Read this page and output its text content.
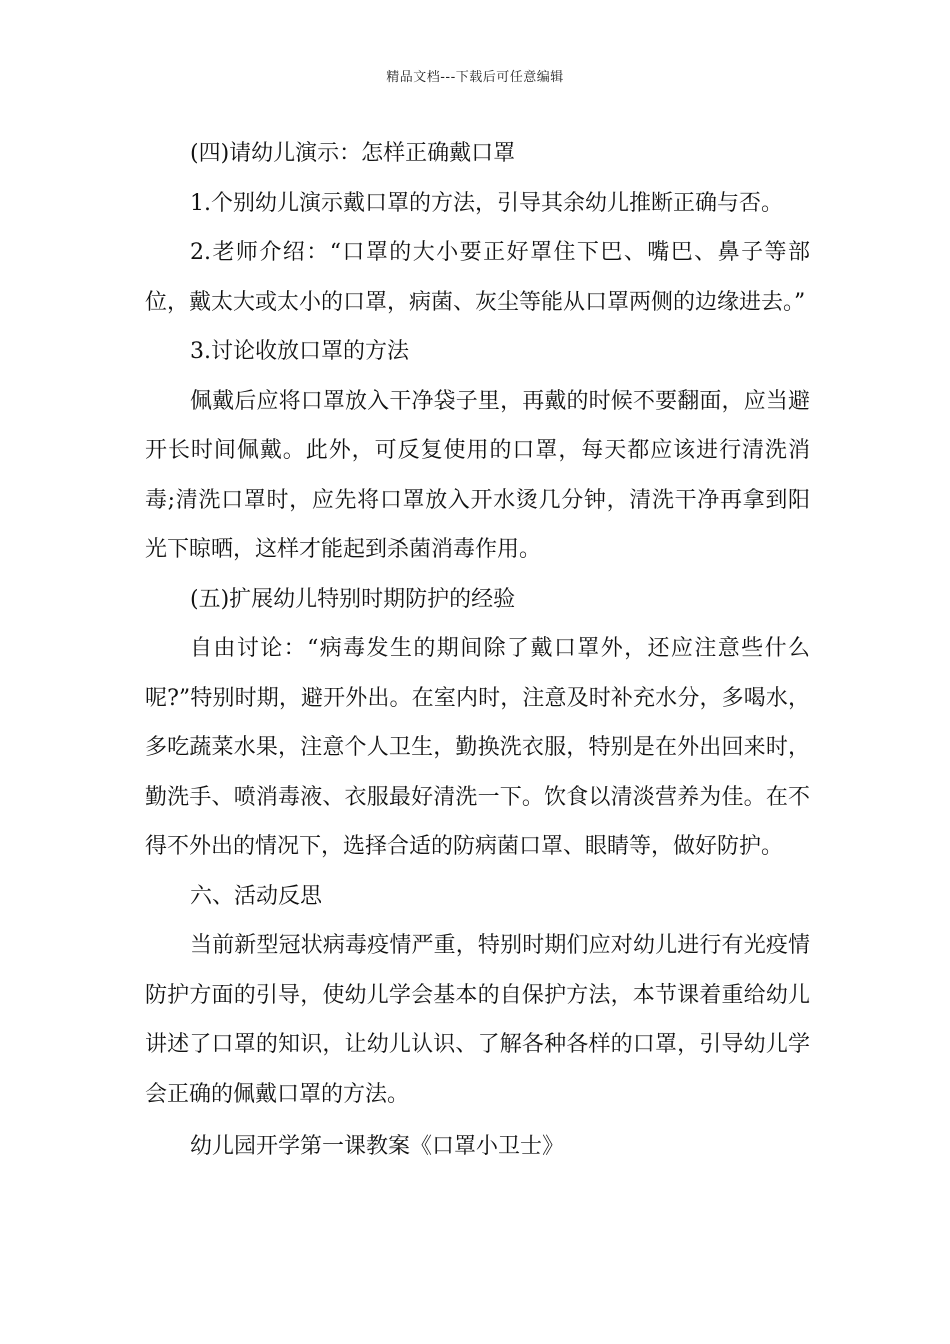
精品文档---下载后可任意编辑

(四)请幼儿演示：怎样正确戴口罩

1.个别幼儿演示戴口罩的方法，引导其余幼儿推断正确与否。

2.老师介绍：“口罩的大小要正好罩住下巴、嘴巴、鼻子等部位，戴太大或太小的口罩，病菌、灰尘等能从口罩两侧的边缘进去。”

3.讨论收放口罩的方法

佩戴后应将口罩放入干净袋子里，再戴的时候不要翻面，应当避开长时间佩戴。此外，可反复使用的口罩，每天都应该进行清洗消毒;清洗口罩时，应先将口罩放入开水烫几分钟，清洗干净再拿到阳光下晾晒，这样才能起到杀菌消毒作用。

(五)扩展幼儿特别时期防护的经验

自由讨论：“病毒发生的期间除了戴口罩外，还应注意些什么呢?”特别时期，避开外出。在室内时，注意及时补充水分，多喝水，多吃蔬菜水果，注意个人卫生，勤换洗衣服，特别是在外出回来时，勤洗手、喷消毒液、衣服最好清洗一下。饮食以清淡营养为佳。在不得不外出的情况下，选择合适的防病菌口罩、眼睛等，做好防护。

六、活动反思

当前新型冠状病毒疫情严重，特别时期们应对幼儿进行有光疫情防护方面的引导，使幼儿学会基本的自保护方法，本节课着重给幼儿讲述了口罩的知识，让幼儿认识、了解各种各样的口罩，引导幼儿学会正确的佩戴口罩的方法。

幼儿园开学第一课教案《口罩小卫士》
